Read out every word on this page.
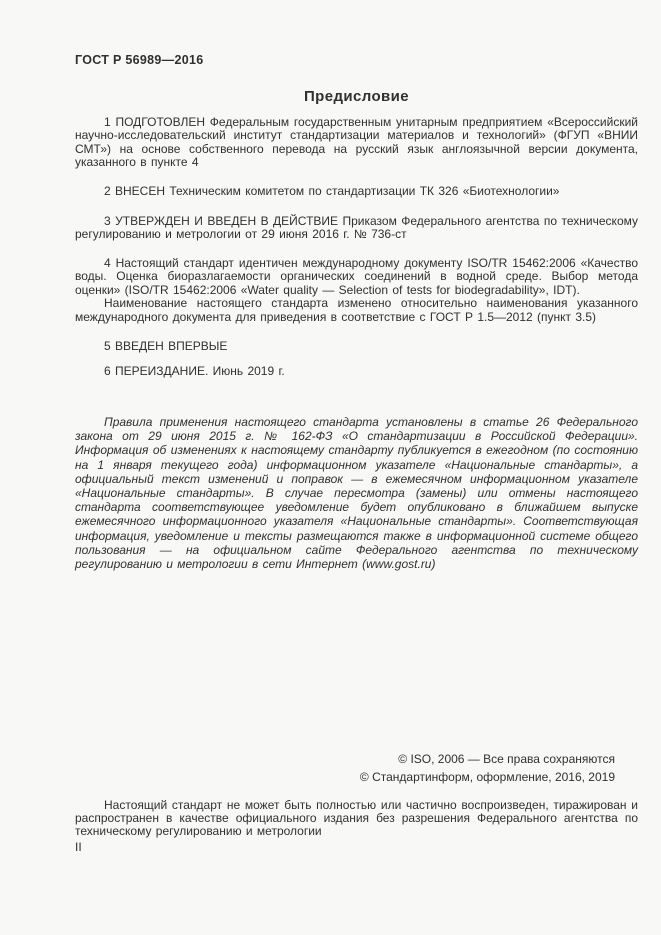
ГОСТ Р 56989—2016
Предисловие

1 ПОДГОТОВЛЕН Федеральным государственным унитарным предприятием «Всероссийский научно-исследовательский институт стандартизации материалов и технологий» (ФГУП «ВНИИ СМТ») на основе собственного перевода на русский язык англоязычной версии документа, указанного в пункте 4

2 ВНЕСЕН Техническим комитетом по стандартизации ТК 326 «Биотехнологии»

3 УТВЕРЖДЕН И ВВЕДЕН В ДЕЙСТВИЕ Приказом Федерального агентства по техническому регулированию и метрологии от 29 июня 2016 г. № 736-ст

4 Настоящий стандарт идентичен международному документу ISO/TR 15462:2006 «Качество воды. Оценка биоразлагаемости органических соединений в водной среде. Выбор метода оценки» (ISO/TR 15462:2006 «Water quality — Selection of tests for biodegradability», IDT).

Наименование настоящего стандарта изменено относительно наименования указанного международного документа для приведения в соответствие с ГОСТ Р 1.5—2012 (пункт 3.5)

5 ВВЕДЕН ВПЕРВЫЕ

6 ПЕРЕИЗДАНИЕ. Июнь 2019 г.

Правила применения настоящего стандарта установлены в статье 26 Федерального закона от 29 июня 2015 г. № 162-ФЗ «О стандартизации в Российской Федерации». Информация об изменениях к настоящему стандарту публикуется в ежегодном (по состоянию на 1 января текущего года) информационном указателе «Национальные стандарты», а официальный текст изменений и поправок — в ежемесячном информационном указателе «Национальные стандарты». В случае пересмотра (замены) или отмены настоящего стандарта соответствующее уведомление будет опубликовано в ближайшем выпуске ежемесячного информационного указателя «Национальные стандарты». Соответствующая информация, уведомление и тексты размещаются также в информационной системе общего пользования — на официальном сайте Федерального агентства по техническому регулированию и метрологии в сети Интернет (www.gost.ru)

© ISO, 2006 — Все права сохраняются
© Стандартинформ, оформление, 2016, 2019

Настоящий стандарт не может быть полностью или частично воспроизведен, тиражирован и распространен в качестве официального издания без разрешения Федерального агентства по техническому регулированию и метрологии

II
